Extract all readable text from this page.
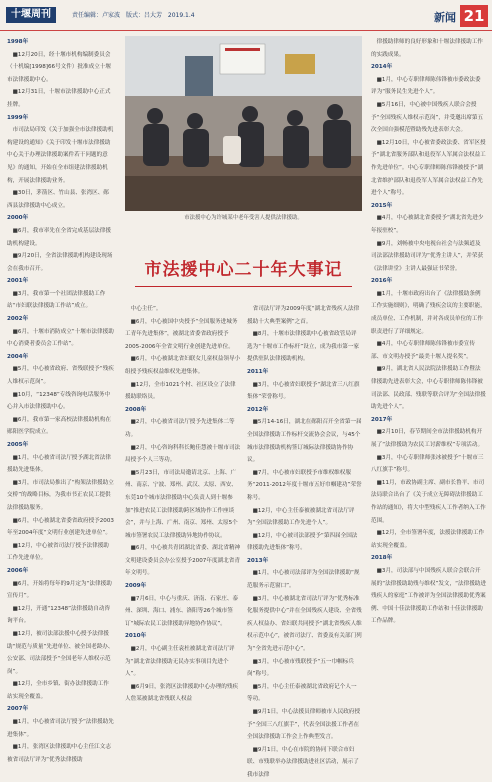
十堰周刊	责任编辑：卢家波 版式：吕大芳 2019.1.4	新闻 21

1998年

■12月20日，经十堰市机构编制委员会（十机编[1998]66号文件）批准成立十堰市法律援助中心。

■12月31日，十堰市法律援助中心正式挂牌。

1999年

市司法局印发《关于加强全市法律援助机构建设的通知》《关于印发十堰市法律援助中心关于办理法律援助案件若干问题的意见》的通知，开始在全市组建法律援助机构，开展法律援助业务。

■30日，茅箭区、竹山县、张湾区、郧西县法律援助中心成立。

2000年

■6月，我市率先在全省完成基层法律援助机构建设。

■9月20日，全省法律援助机构建设现场会在我市召开。

2001年

■3月，我市第一个社团法律援助工作站“市妇联法律援助工作站”成立。

2002年

■6月，十堰市消防成立“十堰市法律援助中心消费者委员会工作站”。

2004年

■5月，中心被省政府、省残联授予“残疾人维权示范岗”。

■10月，“12348”专线咨询电话服务中心并入市法律援助中心。

■6月，我市第一家高校法律援助机构在郧阳医学院成立。

2005年

■1月，中心被省司法厅授予湖北省法律援助先进集体。

■3月，市司法局推出了“构架法律援助立交桥”的战略目标，为我市书正农民工提供法律援助服务。

■6月，中心被湖北省委省政府授予2003年至2004年度“文明行业创建先进单位”。

■12月，中心被省司法厅授予法律援助工作先进单位。

2006年

■6月，开始将每年的9月定为“法律援助宣传月”。

■12月，开通“12348”法律援助自动咨询平台。

■12月，被司法部法援中心授予法律援助“规范与质量”先进单位、被全国老龄办、公安部、司法部授予“全国老年人维权示范岗”。

■12月，全市乡镇、街办法律援助工作站实现全覆盖。

2007年

■1月，中心被省司法厅授予“法律援助先进集体”。

■1月，张湾区法律援助中心主任江文志被省司法厅评为“优秀法律援助

市法援中心为许城某中老年受害人提供法律援助。
市法援中心二十年大事记

中心主任”。

■6月，中心被国中央授予“全国服务进城务工青年先进集体”，被湖北省委省政府授予2005-2006年全省文明行业创建先进单位。

■6月，中心被湖北省妇联女儿童权益领导小组授予残疾权益维权先进集体。

■12月，全市1021个村、社区设立了法律援助联络员。

2008年

■2月，中心被省司法厅授予先进集体二等功。

■2月，中心咨询科科长鲍佳慧被十堰市司法局授予个人三等功。

■5月23日，市司法局邀请北京、上海、广州、南京、宁波、郑州、武汉、太原、西安、东莞10个城市法律援助中心负责人到十堰参加“推进农民工法律援助跨区域协作工作座谈会”，并与上海、广州、南京、郑州、太原5个城市签署农民工法律援助异地协作协议。

■6月，中心被共青团湖北省委、湖北省精神文明建设委员会办公室授予2007年度湖北省青年文明号。

2009年

■7月6日，中心与重庆、济南、石家庄、泰州、深圳、海口、浦东、洛阳等26个城市签订“城际农民工法律援助异地协作协议”。

2010年

■2月，中心副主任袁杜被湖北省司法厅评为“湖北省法律援助无民办实事项目先进个人”。

■6月9日，张湾区法律援助中心办理的残疾人詹某被湖北省残联人权益

省司法厅评为2009年度“湖北省残疾人法律援助十大典型案例”之首。

■8月，十堰市法律援助中心被省政管局评选为“十堰市工作标杆”设立，成为我市第一家提供驻队法律援助机构。

2011年

■3月，中心被省妇联授予“湖北省三八红旗集体”荣誉称号。

2012年

■5月14-16日，湖北在郧阳召开全省第一届全国法律援助工作标杆交流协会会议，与45个城市法律援助机构签订城际法律援助协作协议。

■7月，中心被市妇联授予市维权维权服务“2011-2012年度十堰市五好巾帼建功”荣誉称号。

■12月，中心主任泰被被湖北省司法厅评为“全国法律援助工作先进个人”。

■12月，中心被司法部授予“第四届全国法律援助先进集体”称号。

2013年

■1月，中心被司法部评为全国法律援助“规范服务示范窗口”。

■3月，中心被湖北省司法厅评为“优秀标准化服务提供中心”并在全国残疾人建设、全省残疾人权益办、省妇联共同授予“湖北省残疾人维权示范中心”，被省司法厅、省委及有关部门列为“全省先进示范中心”。

■3月，中心被市残联授予“五一巾帼标兵岗”称号。

■5月，中心主任泰被湖北省政府记个人一等功。

■9月1日，中心法援员律师被市人民政府授予“全国三八红旗手”，代表全国法援工作者在全国法律援助工作会上作典型发言。

■9月1日，中心在市院的协同下联合市妇联、市残联举办法律援助进社区活动，展示了我市法律

律援助律师的良好形象和十堰法律援助工作的实践成果。

2014年

■1月，中心专职律师陈伟锋被市委政法委评为“服务民生先进个人”。

■5月16日，中心被中国残疾人联合会授予“全国残疾人维权示范岗”，并受邀出席第五次全国自强模范暨助残先进表彰大会。

■12月10日，中心被省委政法委、省军区授予“湖北省服务部队和退役军人军属合法权益工作先进单位”。中心专职律师陈伟锋被授予“湖北省维护部队和退役军人军属合法权益工作先进个人”称号。

2015年

■4月，中心被湖北省委授予“湖北省先进少年报驻校”。

■9月，刘畅被中央电视台社会与法频道及司法部法律援助司评为“优秀主讲人”，并荣获《法律讲堂》主讲人最强证书荣誉。

2016年

■1月，十堰市政府出台了《法律援助条例工作实施细则》，明确了残疾会议的主要职能，成员单位、工作机制，并对各成员单位的工作职责进行了详细规定。

■4月，中心专职律师陈伟锋被市委宣传部、市文明办授予“最美十堰人提名奖”。

■9月，湖北省人民法院法律援助工作暨法律援助先进表彰大会，中心专职律师陈伟锋被司法部、民政部、残联等联合评为“全国法律援助先进个人”。

2017年

■2月10日，春节期间全市法律援助机构开展了“法律援助为农民工讨薪维权”专项活动。

■3月，中心专职律师张冰被授予“十堰市三八红旗手”称号。

■11月，市政协副主席、副市长鲁平、市司法局联合出台了《关于成立无障碍法律援助工作站的通知》，将大中型残疾人工作者纳入工作范围。

■12月，全市签署年度，法援法律援助工作站实现全覆盖。

2018年

■3月，司法部与中国残疾人联合会联合开展的“法律援助助残与维权”发文，“法律援助进残疾人的家庭”工作被评为全国法律援助优秀案例、中国十佳法律援助工作站和十佳法律援助工作品牌。
